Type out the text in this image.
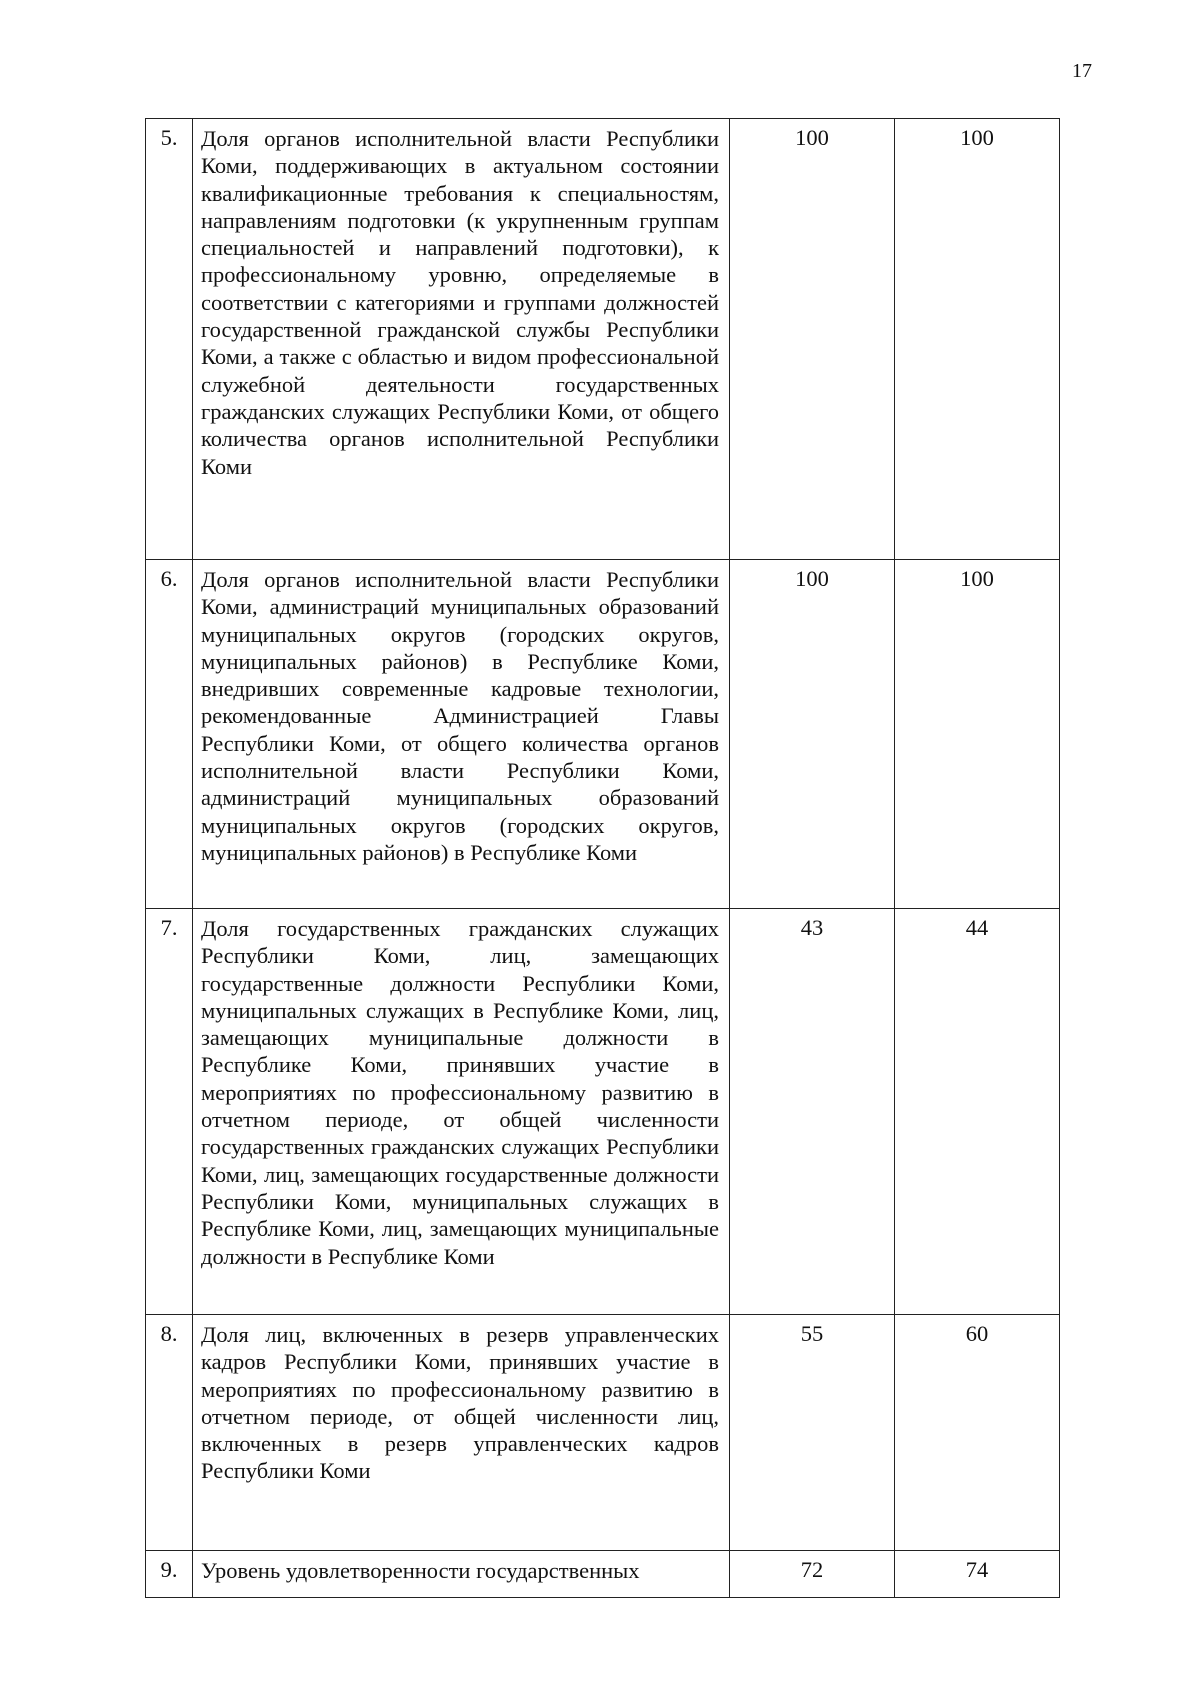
17
5.	Доля органов исполнительной власти Республики Коми, поддерживающих в актуальном состоянии квалификационные требования к специальностям, направлениям подготовки (к укрупненным группам специальностей и направлений подготовки), к профессиональному уровню, определяемые в соответствии с категориями и группами должностей государственной гражданской службы Республики Коми, а также с областью и видом профессиональной служебной деятельности государственных гражданских служащих Республики Коми, от общего количества органов исполнительной Республики Коми	100	100
6.	Доля органов исполнительной власти Республики Коми, администраций муниципальных образований муниципальных округов (городских округов, муниципальных районов) в Республике Коми, внедривших современные кадровые технологии, рекомендованные Администрацией Главы Республики Коми, от общего количества органов исполнительной власти Республики Коми, администраций муниципальных образований муниципальных округов (городских округов, муниципальных районов) в Республике Коми	100	100
7.	Доля государственных гражданских служащих Республики Коми, лиц, замещающих государственные должности Республики Коми, муниципальных служащих в Республике Коми, лиц, замещающих муниципальные должности в Республике Коми, принявших участие в мероприятиях по профессиональному развитию в отчетном периоде, от общей численности государственных гражданских служащих Республики Коми, лиц, замещающих государственные должности Республики Коми, муниципальных служащих в Республике Коми, лиц, замещающих муниципальные должности в Республике Коми	43	44
8.	Доля лиц, включенных в резерв управленческих кадров Республики Коми, принявших участие в мероприятиях по профессиональному развитию в отчетном периоде, от общей численности лиц, включенных в резерв управленческих кадров Республики Коми	55	60
9.	Уровень удовлетворенности государственных	72	74
